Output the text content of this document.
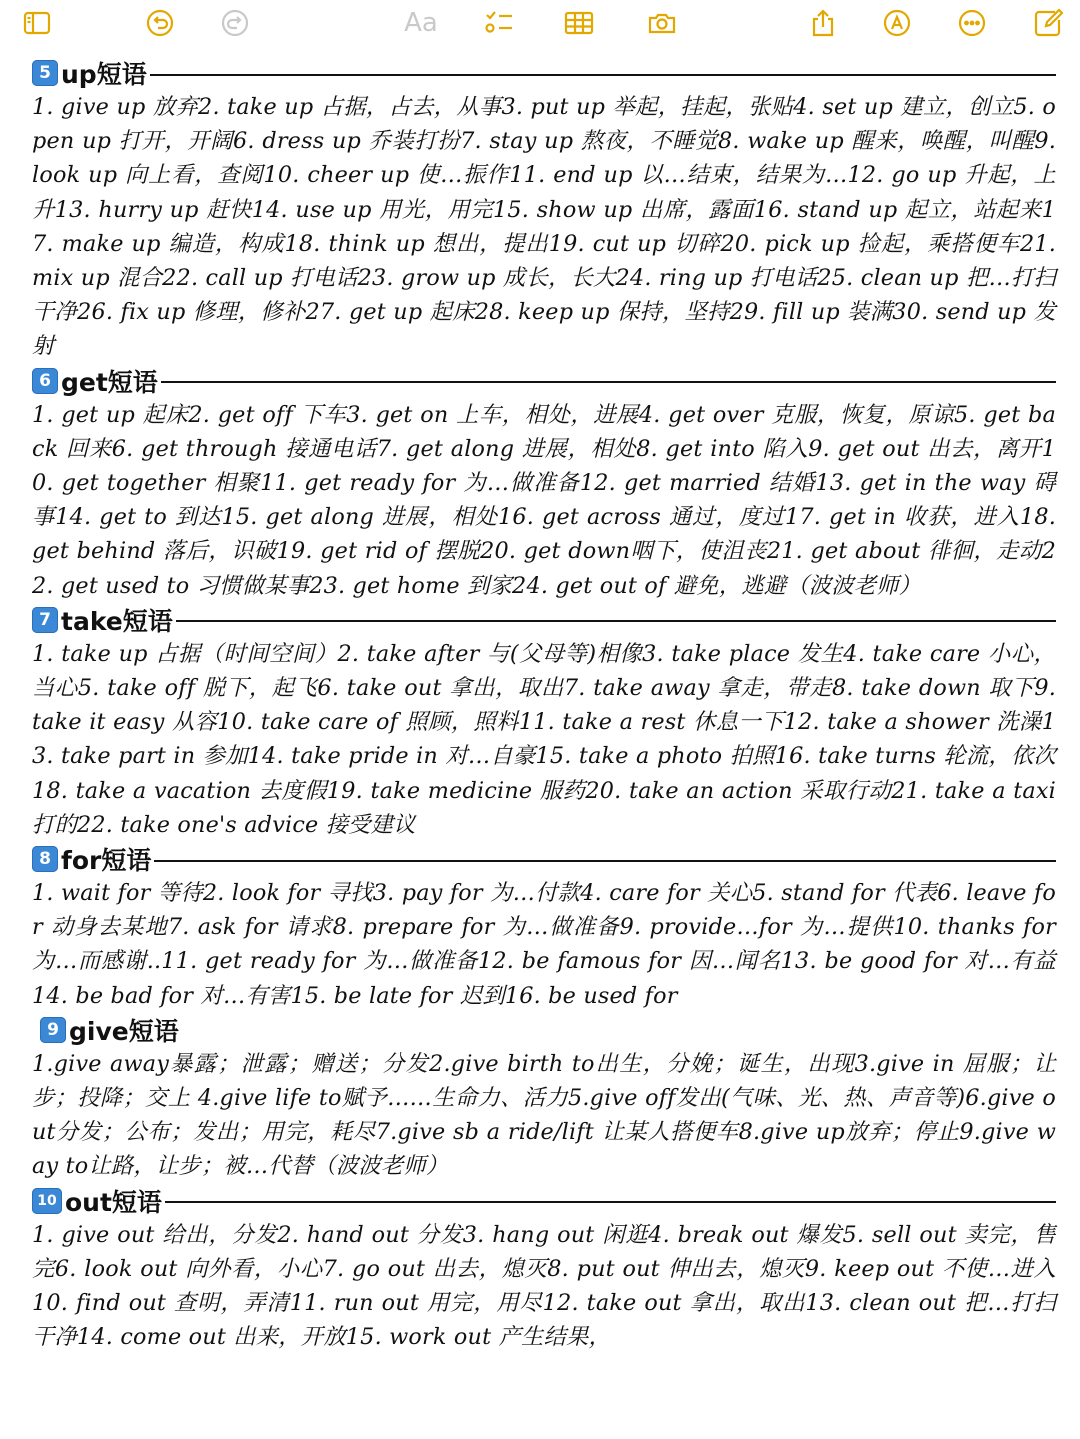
Aa
5 up短语

1. give up 放弃2. take up 占据，占去，从事3. put up 举起，挂起，张贴4. set up 建立，创立5. open up 打开，开阔6. dress up 乔装打扮7. stay up 熬夜，不睡觉8. wake up 醒来，唤醒，叫醒9. look up 向上看，查阅10. cheer up 使…振作11. end up 以…结束，结果为…12. go up 升起，上升13. hurry up 赶快14. use up 用光，用完15. show up 出席，露面16. stand up 起立，站起来17. make up 编造，构成18. think up 想出，提出19. cut up 切碎20. pick up 捡起，乘搭便车21. mix up 混合22. call up 打电话23. grow up 成长，长大24. ring up 打电话25. clean up 把…打扫干净26. fix up 修理，修补27. get up 起床28. keep up 保持，坚持29. fill up 装满30. send up 发射

6 get短语

1. get up 起床2. get off 下车3. get on 上车，相处，进展4. get over 克服，恢复，原谅5. get back 回来6. get through 接通电话7. get along 进展，相处8. get into 陷入9. get out 出去，离开10. get together 相聚11. get ready for 为…做准备12. get married 结婚13. get in the way 碍事14. get to 到达15. get along 进展，相处16. get across 通过，度过17. get in 收获，进入18. get behind 落后，识破19. get rid of 摆脱20. get down咽下，使沮丧21. get about 徘徊，走动22. get used to 习惯做某事23. get home 到家24. get out of 避免，逃避（波波老师）

7 take短语

1. take up 占据（时间空间）2. take after 与(父母等)相像3. take place 发生4. take care 小心，当心5. take off 脱下，起飞6. take out 拿出，取出7. take away 拿走，带走8. take down 取下9. take it easy 从容10. take care of 照顾，照料11. take a rest 休息一下12. take a shower 洗澡13. take part in 参加14. take pride in 对…自豪15. take a photo 拍照16. take turns 轮流，依次18. take a vacation 去度假19. take medicine 服药20. take an action 采取行动21. take a taxi 打的22. take one's advice 接受建议

8 for短语

1. wait for 等待2. look for 寻找3. pay for 为…付款4. care for 关心5. stand for 代表6. leave for 动身去某地7. ask for 请求8. prepare for 为…做准备9. provide…for 为…提供10. thanks for 为…而感谢..11. get ready for 为…做准备12. be famous for 因…闻名13. be good for 对…有益14. be bad for 对…有害15. be late for 迟到16. be used for

9 give短语

1.give away暴露；泄露；赠送；分发2.give birth to出生，分娩；诞生，出现3.give in 屈服；让步；投降；交上 4.give life to赋予……生命力、活力5.give off发出(气味、光、热、声音等)6.give out分发；公布；发出；用完，耗尽7.give sb a ride/lift 让某人搭便车8.give up放弃；停止9.give way to让路，让步；被…代替（波波老师）

10 out短语

1. give out 给出，分发2. hand out 分发3. hang out 闲逛4. break out 爆发5. sell out 卖完，售完6. look out 向外看，小心7. go out 出去，熄灭8. put out 伸出去，熄灭9. keep out 不使…进入10. find out 查明，弄清11. run out 用完，用尽12. take out 拿出，取出13. clean out 把…打扫干净14. come out 出来，开放15. work out 产生结果，
